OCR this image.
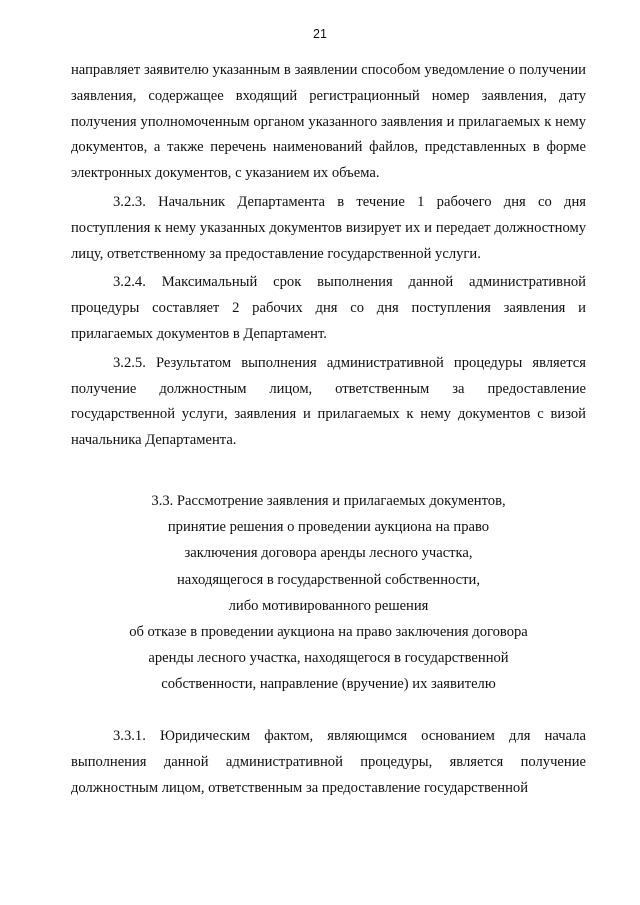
21

направляет заявителю указанным в заявлении способом уведомление о получении заявления, содержащее входящий регистрационный номер заявления, дату получения уполномоченным органом указанного заявления и прилагаемых к нему документов, а также перечень наименований файлов, представленных в форме электронных документов, с указанием их объема.

3.2.3. Начальник Департамента в течение 1 рабочего дня со дня поступления к нему указанных документов визирует их и передает должностному лицу, ответственному за предоставление государственной услуги.

3.2.4. Максимальный срок выполнения данной административной процедуры составляет 2 рабочих дня со дня поступления заявления и прилагаемых документов в Департамент.

3.2.5. Результатом выполнения административной процедуры является получение должностным лицом, ответственным за предоставление государственной услуги, заявления и прилагаемых к нему документов с визой начальника Департамента.

3.3. Рассмотрение заявления и прилагаемых документов,
принятие решения о проведении аукциона на право
заключения договора аренды лесного участка,
находящегося в государственной собственности,
либо мотивированного решения
об отказе в проведении аукциона на право заключения договора
аренды лесного участка, находящегося в государственной
собственности, направление (вручение) их заявителю

3.3.1. Юридическим фактом, являющимся основанием для начала выполнения данной административной процедуры, является получение должностным лицом, ответственным за предоставление государственной
